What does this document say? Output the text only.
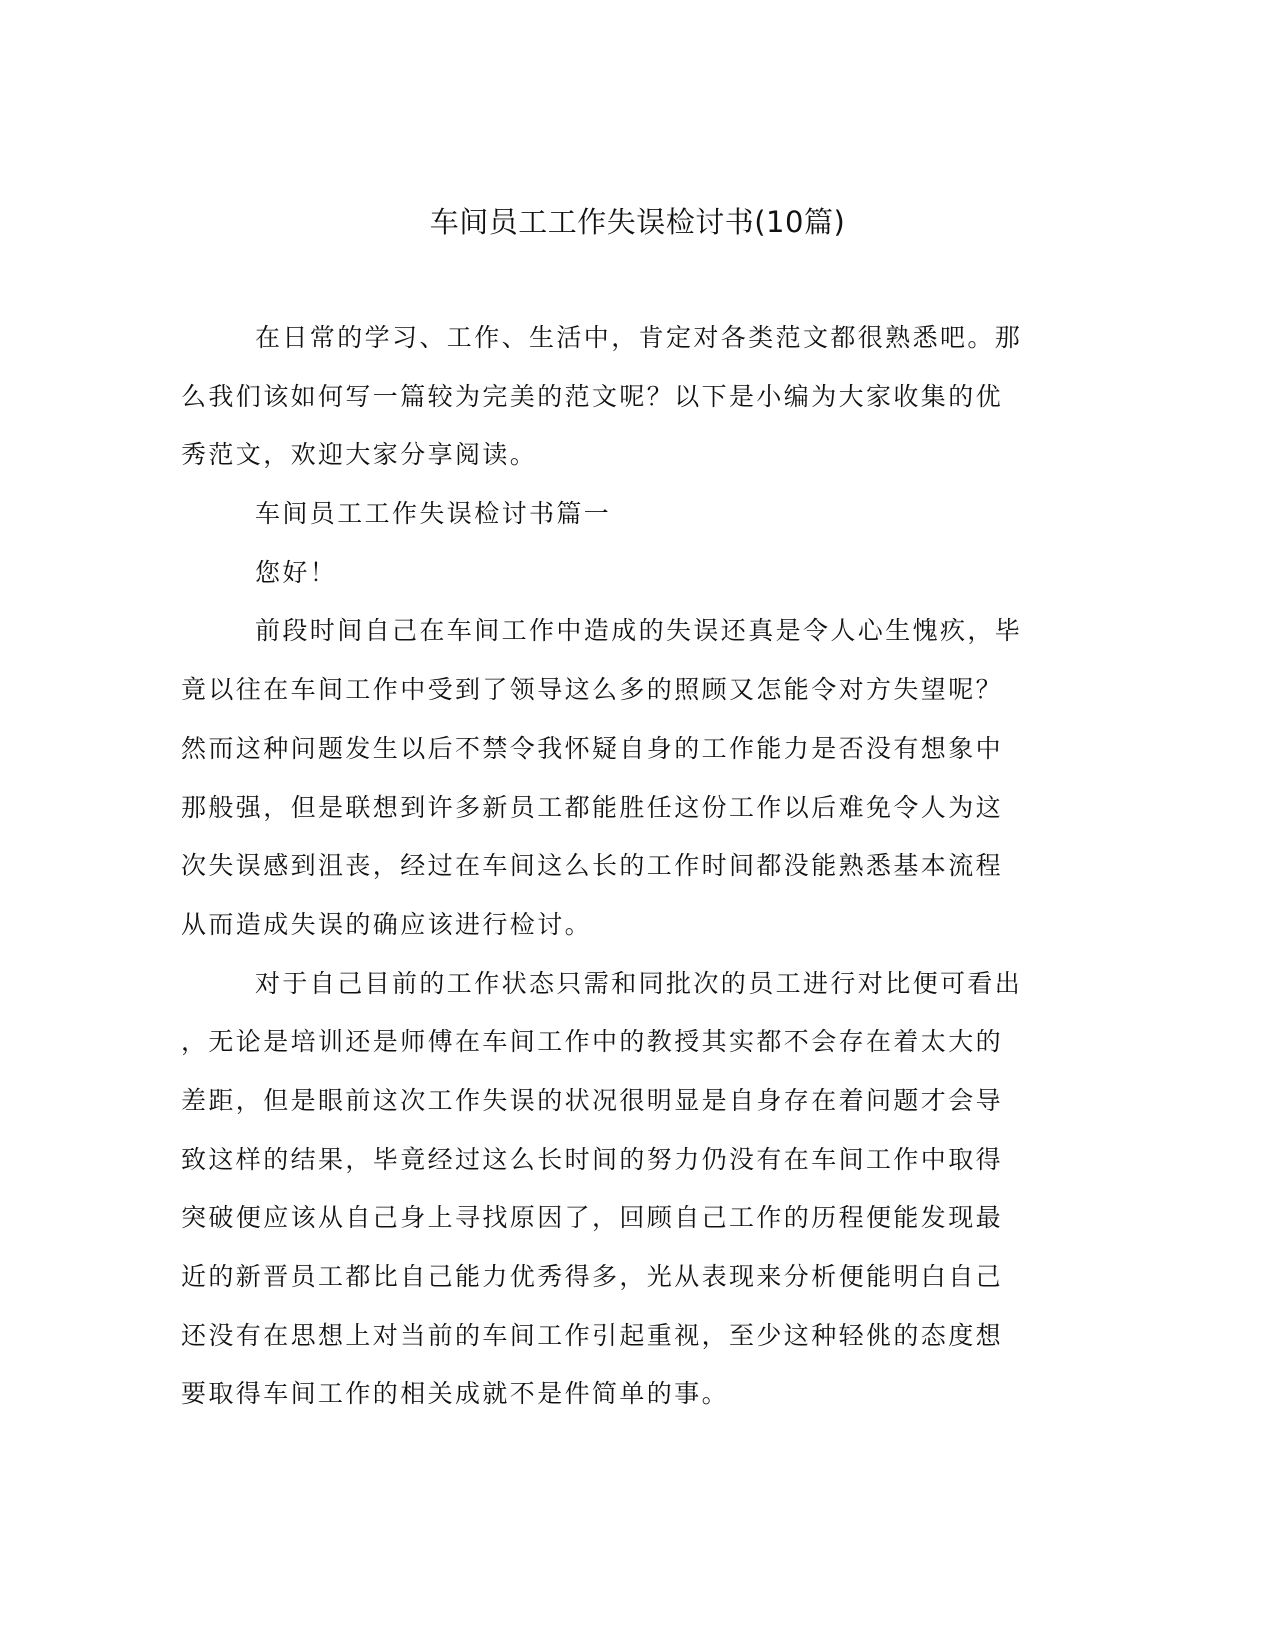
车间员工工作失误检讨书(10篇)
在日常的学习、工作、生活中，肯定对各类范文都很熟悉吧。那
么我们该如何写一篇较为完美的范文呢？以下是小编为大家收集的优
秀范文，欢迎大家分享阅读。
车间员工工作失误检讨书篇一
您好！
前段时间自己在车间工作中造成的失误还真是令人心生愧疚，毕
竟以往在车间工作中受到了领导这么多的照顾又怎能令对方失望呢？
然而这种问题发生以后不禁令我怀疑自身的工作能力是否没有想象中
那般强，但是联想到许多新员工都能胜任这份工作以后难免令人为这
次失误感到沮丧，经过在车间这么长的工作时间都没能熟悉基本流程
从而造成失误的确应该进行检讨。
对于自己目前的工作状态只需和同批次的员工进行对比便可看出
，无论是培训还是师傅在车间工作中的教授其实都不会存在着太大的
差距，但是眼前这次工作失误的状况很明显是自身存在着问题才会导
致这样的结果，毕竟经过这么长时间的努力仍没有在车间工作中取得
突破便应该从自己身上寻找原因了，回顾自己工作的历程便能发现最
近的新晋员工都比自己能力优秀得多，光从表现来分析便能明白自己
还没有在思想上对当前的车间工作引起重视，至少这种轻佻的态度想
要取得车间工作的相关成就不是件简单的事。
